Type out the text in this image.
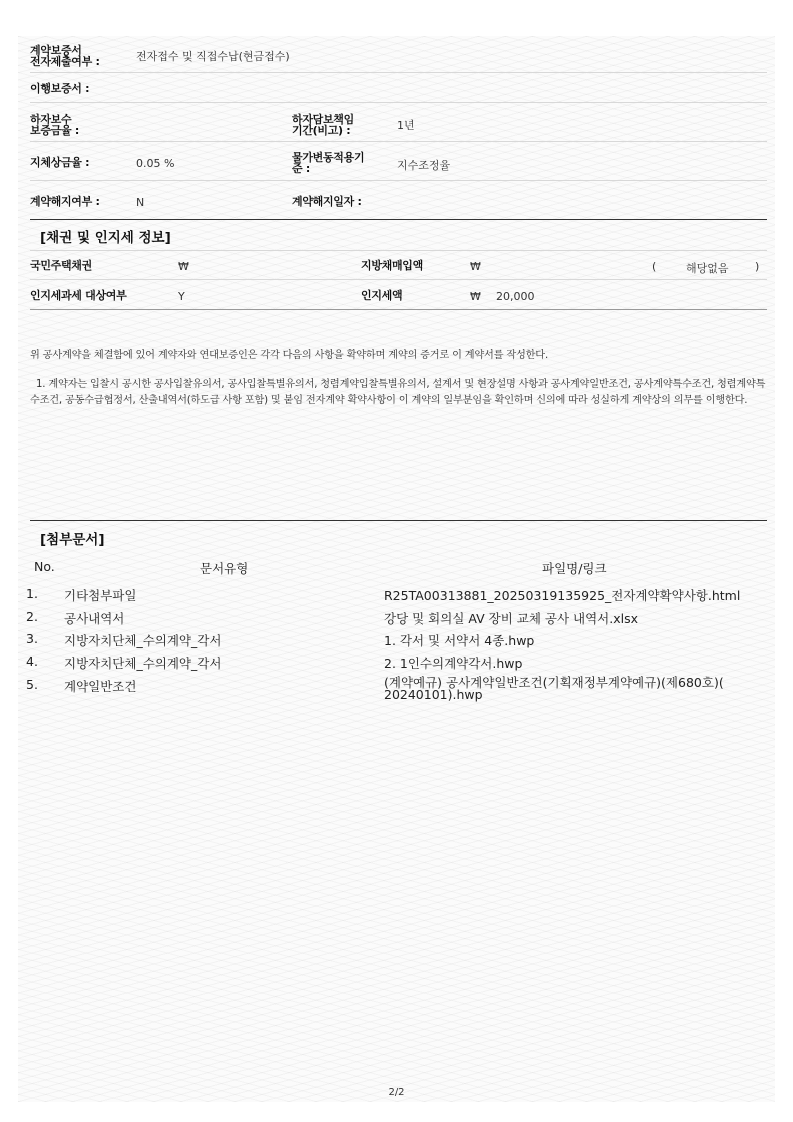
계약보증서
전자제출여부 :	전자접수 및 직접수납(현금접수)
이행보증서 :
하자보수
보증금율 :
하자담보책임
기간(비고) :	1년
지체상금율 :	0.05 %	물가변동적용기
준 :	지수조정율
계약해지여부 :	N	계약해지일자 :
[채권 및 인지세 정보]
국민주택채권	₩	지방채매입액	₩	(	해당없음 )
인지세과세 대상여부	Y	인지세액	₩ 20,000
위 공사계약을 체결함에 있어 계약자와 연대보증인은 각각 다음의 사항을 확약하며 계약의 증거로 이 계약서를 작성한다.
1. 계약자는 입찰시 공시한 공사입찰유의서, 공사입찰특별유의서, 청렴계약입찰특별유의서, 설계서 및 현장설명 사항과 공사계약일반조건, 공사계약특수조건, 청렴계약특수조건, 공동수급협정서, 산출내역서(하도급 사항 포함) 및 붙임 전자계약 확약사항이 이 계약의 일부분임을 확인하며 신의에 따라 성실하게 계약상의 의무를 이행한다.
[첨부문서]
No.	문서유형	파일명/링크
1. 기타첨부파일	R25TA00313881_20250319135925_전자계약확약사항.html
2. 공사내역서	강당 및 회의실 AV 장비 교체 공사 내역서.xlsx
3. 지방자치단체_수의계약_각서	1. 각서 및 서약서 4종.hwp
4. 지방자치단체_수의계약_각서	2. 1인수의계약각서.hwp
5. 계약일반조건	(계약예규) 공사계약일반조건(기획재정부계약예규)(제680호)(
20240101).hwp
2/2
